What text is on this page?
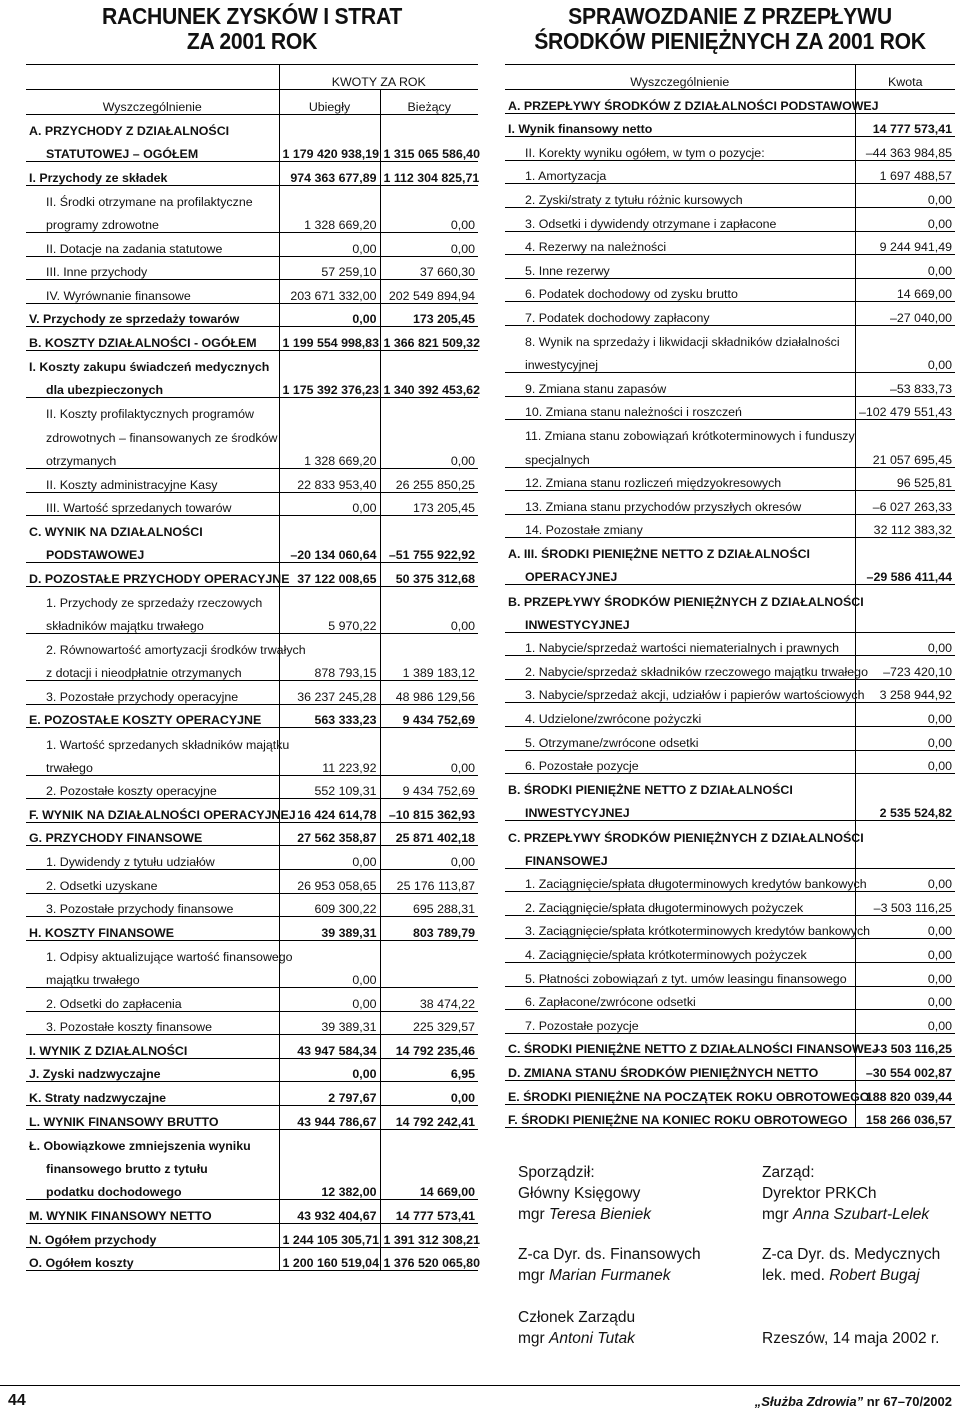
RACHUNEK ZYSKÓW I STRAT
ZA 2001 ROK
	KWOTY ZA ROK	
Wyszczególnienie	Ubiegły	Bieżący
A. PRZYCHODY Z DZIAŁALNOŚCI		
STATUTOWEJ – OGÓŁEM	1 179 420 938,19	1 315 065 586,40
I. Przychody ze składek	974 363 677,89	1 112 304 825,71
II. Środki otrzymane na profilaktyczne		
programy zdrowotne	1 328 669,20	0,00
II. Dotacje na zadania statutowe	0,00	0,00
III. Inne przychody	57 259,10	37 660,30
IV. Wyrównanie finansowe	203 671 332,00	202 549 894,94
V. Przychody ze sprzedaży towarów	0,00	173 205,45
B. KOSZTY DZIAŁALNOŚCI - OGÓŁEM	1 199 554 998,83	1 366 821 509,32
I. Koszty zakupu świadczeń medycznych		
dla ubezpieczonych	1 175 392 376,23	1 340 392 453,62
II. Koszty profilaktycznych programów		
zdrowotnych – finansowanych ze środków		
otrzymanych	1 328 669,20	0,00
II. Koszty administracyjne Kasy	22 833 953,40	26 255 850,25
III. Wartość sprzedanych towarów	0,00	173 205,45
C. WYNIK NA DZIAŁALNOŚCI		
PODSTAWOWEJ	–20 134 060,64	–51 755 922,92
D. POZOSTAŁE PRZYCHODY OPERACYJNE	37 122 008,65	50 375 312,68
1. Przychody ze sprzedaży rzeczowych		
składników majątku trwałego	5 970,22	0,00
2. Równowartość amortyzacji środków trwałych		
z dotacji i nieodpłatnie otrzymanych	878 793,15	1 389 183,12
3. Pozostałe przychody operacyjne	36 237 245,28	48 986 129,56
E. POZOSTAŁE KOSZTY OPERACYJNE	563 333,23	9 434 752,69
1. Wartość sprzedanych składników majątku		
trwałego	11 223,92	0,00
2. Pozostałe koszty operacyjne	552 109,31	9 434 752,69
F. WYNIK NA DZIAŁALNOŚCI OPERACYJNEJ	16 424 614,78	–10 815 362,93
G. PRZYCHODY FINANSOWE	27 562 358,87	25 871 402,18
1. Dywidendy z tytułu udziałów	0,00	0,00
2. Odsetki uzyskane	26 953 058,65	25 176 113,87
3. Pozostałe przychody finansowe	609 300,22	695 288,31
H. KOSZTY FINANSOWE	39 389,31	803 789,79
1. Odpisy aktualizujące wartość finansowego		
majątku trwałego	0,00	
2. Odsetki do zapłacenia	0,00	38 474,22
3. Pozostałe koszty finansowe	39 389,31	225 329,57
I. WYNIK Z DZIAŁALNOŚCI	43 947 584,34	14 792 235,46
J. Zyski nadzwyczajne	0,00	6,95
K. Straty nadzwyczajne	2 797,67	0,00
L. WYNIK FINANSOWY BRUTTO	43 944 786,67	14 792 242,41
Ł. Obowiązkowe zmniejszenia wyniku		
finansowego brutto z tytułu		
podatku dochodowego	12 382,00	14 669,00
M. WYNIK FINANSOWY NETTO	43 932 404,67	14 777 573,41
N. Ogółem przychody	1 244 105 305,71	1 391 312 308,21
O. Ogółem koszty	1 200 160 519,04	1 376 520 065,80
SPRAWOZDANIE Z PRZEPŁYWU
ŚRODKÓW PIENIĘŻNYCH ZA 2001 ROK
Wyszczególnienie	Kwota
A. PRZEPŁYWY ŚRODKÓW Z DZIAŁALNOŚCI PODSTAWOWEJ	
I. Wynik finansowy netto	14 777 573,41
II. Korekty wyniku ogółem, w tym o pozycje:	–44 363 984,85
1. Amortyzacja	1 697 488,57
2. Zyski/straty z tytułu różnic kursowych	0,00
3. Odsetki i dywidendy otrzymane i zapłacone	0,00
4. Rezerwy na należności	9 244 941,49
5. Inne rezerwy	0,00
6. Podatek dochodowy od zysku brutto	14 669,00
7. Podatek dochodowy zapłacony	–27 040,00
8. Wynik na sprzedaży i likwidacji składników działalności	
inwestycyjnej	0,00
9. Zmiana stanu zapasów	–53 833,73
10. Zmiana stanu należności i roszczeń	–102 479 551,43
11. Zmiana stanu zobowiązań krótkoterminowych i funduszy	
specjalnych	21 057 695,45
12. Zmiana stanu rozliczeń międzyokresowych	96 525,81
13. Zmiana stanu przychodów przyszłych okresów	–6 027 263,33
14. Pozostałe zmiany	32 112 383,32
A. III. ŚRODKI PIENIĘŻNE NETTO Z DZIAŁALNOŚCI	
OPERACYJNEJ	–29 586 411,44
B. PRZEPŁYWY ŚRODKÓW PIENIĘŻNYCH Z DZIAŁALNOŚCI	
INWESTYCYJNEJ	
1. Nabycie/sprzedaż wartości niematerialnych i prawnych	0,00
2. Nabycie/sprzedaż składników rzeczowego majątku trwałego	–723 420,10
3. Nabycie/sprzedaż akcji, udziałów i papierów wartościowych	3 258 944,92
4. Udzielone/zwrócone pożyczki	0,00
5. Otrzymane/zwrócone odsetki	0,00
6. Pozostałe pozycje	0,00
B. ŚRODKI PIENIĘŻNE NETTO Z DZIAŁALNOŚCI	
INWESTYCYJNEJ	2 535 524,82
C. PRZEPŁYWY ŚRODKÓW PIENIĘŻNYCH Z DZIAŁALNOŚCI	
FINANSOWEJ	
1. Zaciągnięcie/spłata długoterminowych kredytów bankowych	0,00
2. Zaciągnięcie/spłata długoterminowych pożyczek	–3 503 116,25
3. Zaciągnięcie/spłata krótkoterminowych kredytów bankowych	0,00
4. Zaciągnięcie/spłata krótkoterminowych pożyczek	0,00
5. Płatności zobowiązań z tyt. umów leasingu finansowego	0,00
6. Zapłacone/zwrócone odsetki	0,00
7. Pozostałe pozycje	0,00
C. ŚRODKI PIENIĘŻNE NETTO Z DZIAŁALNOŚCI FINANSOWEJ	–3 503 116,25
D. ZMIANA STANU ŚRODKÓW PIENIĘŻNYCH NETTO	–30 554 002,87
E. ŚRODKI PIENIĘŻNE NA POCZĄTEK ROKU OBROTOWEGO	188 820 039,44
F. ŚRODKI PIENIĘŻNE NA KONIEC ROKU OBROTOWEGO	158 266 036,57
Sporządził:
Główny Księgowy
mgr Teresa Bieniek
Zarząd:
Dyrektor PRKCh
mgr Anna Szubart-Lelek
Z-ca Dyr. ds. Finansowych
mgr Marian Furmanek
Z-ca Dyr. ds. Medycznych
lek. med. Robert Bugaj
Członek Zarządu
mgr Antoni Tutak	Rzeszów, 14 maja 2002 r.
44	„Służba Zdrowia” nr 67–70/2002
